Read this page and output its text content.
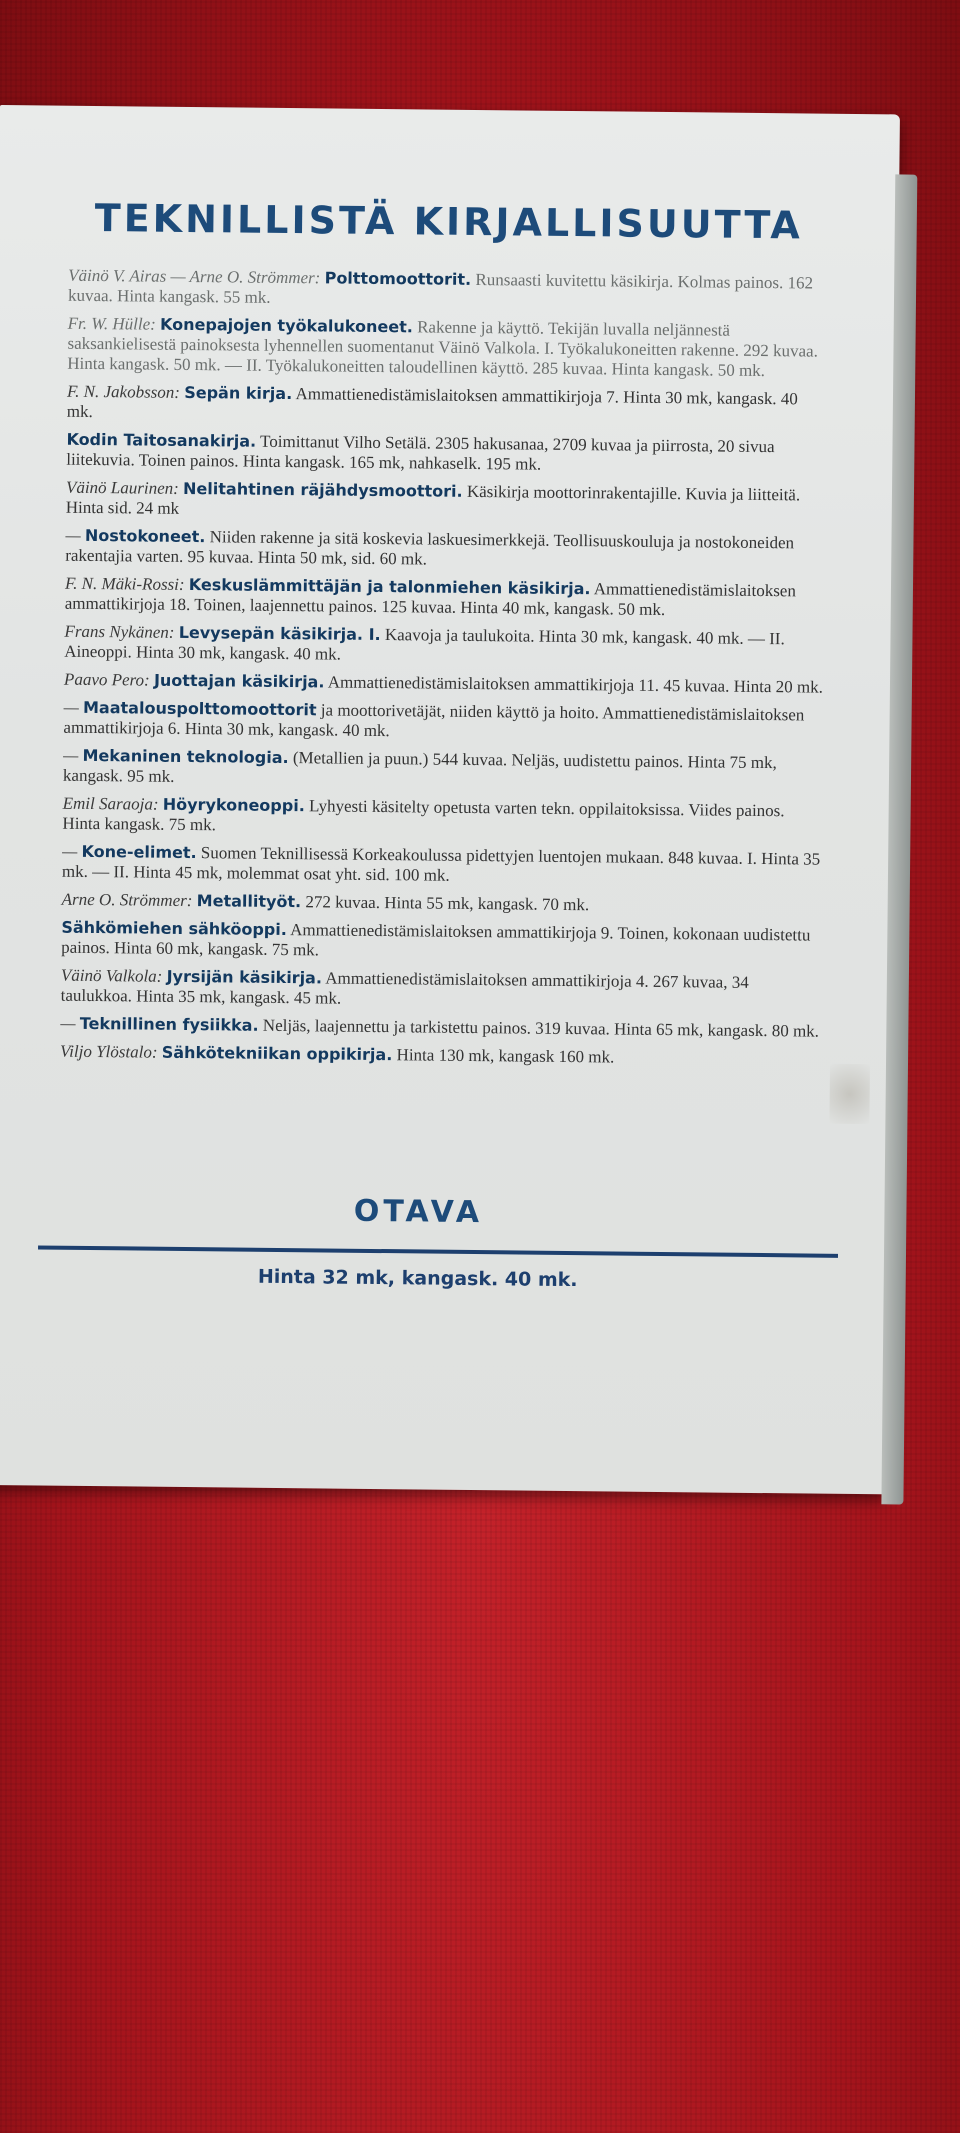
TEKNILLISTÄ KIRJALLISUUTTA
Väinö V. Airas — Arne O. Strömmer: Polttomoottorit. Runsaasti kuvitettu käsikirja. Kolmas painos. 162 kuvaa. Hinta kangask. 55 mk.
Fr. W. Hülle: Konepajojen työkalukoneet. Rakenne ja käyttö. Tekijän luvalla neljännestä saksankielisestä painoksesta lyhennellen suomentanut Väinö Valkola. I. Työkalukoneitten rakenne. 292 kuvaa. Hinta kangask. 50 mk. — II. Työkalukoneitten taloudellinen käyttö. 285 kuvaa. Hinta kangask. 50 mk.
F. N. Jakobsson: Sepän kirja. Ammattienedistämislaitoksen ammattikirjoja 7. Hinta 30 mk, kangask. 40 mk.
Kodin Taitosanakirja. Toimittanut Vilho Setälä. 2305 hakusanaa, 2709 kuvaa ja piirrosta, 20 sivua liitekuvia. Toinen painos. Hinta kangask. 165 mk, nahkaselk. 195 mk.
Väinö Laurinen: Nelitahtinen räjähdysmoottori. Käsikirja moottorinrakentajille. Kuvia ja liitteitä. Hinta sid. 24 mk
— Nostokoneet. Niiden rakenne ja sitä koskevia laskuesimerkkejä. Teollisuuskouluja ja nostokoneiden rakentajia varten. 95 kuvaa. Hinta 50 mk, sid. 60 mk.
F. N. Mäki-Rossi: Keskuslämmittäjän ja talonmiehen käsikirja. Ammattienedistämislaitoksen ammattikirjoja 18. Toinen, laajennettu painos. 125 kuvaa. Hinta 40 mk, kangask. 50 mk.
Frans Nykänen: Levysepän käsikirja. I. Kaavoja ja taulukoita. Hinta 30 mk, kangask. 40 mk. — II. Aineoppi. Hinta 30 mk, kangask. 40 mk.
Paavo Pero: Juottajan käsikirja. Ammattienedistämislaitoksen ammattikirjoja 11. 45 kuvaa. Hinta 20 mk.
— Maatalouspolttomoottorit ja moottorivetäjät, niiden käyttö ja hoito. Ammattienedistämislaitoksen ammattikirjoja 6. Hinta 30 mk, kangask. 40 mk.
— Mekaninen teknologia. (Metallien ja puun.) 544 kuvaa. Neljäs, uudistettu painos. Hinta 75 mk, kangask. 95 mk.
Emil Saraoja: Höyrykoneoppi. Lyhyesti käsitelty opetusta varten tekn. oppilaitoksissa. Viides painos. Hinta kangask. 75 mk.
— Kone-elimet. Suomen Teknillisessä Korkeakoulussa pidettyjen luentojen mukaan. 848 kuvaa. I. Hinta 35 mk. — II. Hinta 45 mk, molemmat osat yht. sid. 100 mk.
Arne O. Strömmer: Metallityöt. 272 kuvaa. Hinta 55 mk, kangask. 70 mk.
Sähkömiehen sähköoppi. Ammattienedistämislaitoksen ammattikirjoja 9. Toinen, kokonaan uudistettu painos. Hinta 60 mk, kangask. 75 mk.
Väinö Valkola: Jyrsijän käsikirja. Ammattienedistämislaitoksen ammattikirjoja 4. 267 kuvaa, 34 taulukkoa. Hinta 35 mk, kangask. 45 mk.
— Teknillinen fysiikka. Neljäs, laajennettu ja tarkistettu painos. 319 kuvaa. Hinta 65 mk, kangask. 80 mk.
Viljo Ylöstalo: Sähkötekniikan oppikirja. Hinta 130 mk, kangask 160 mk.
OTAVA
Hinta 32 mk, kangask. 40 mk.
